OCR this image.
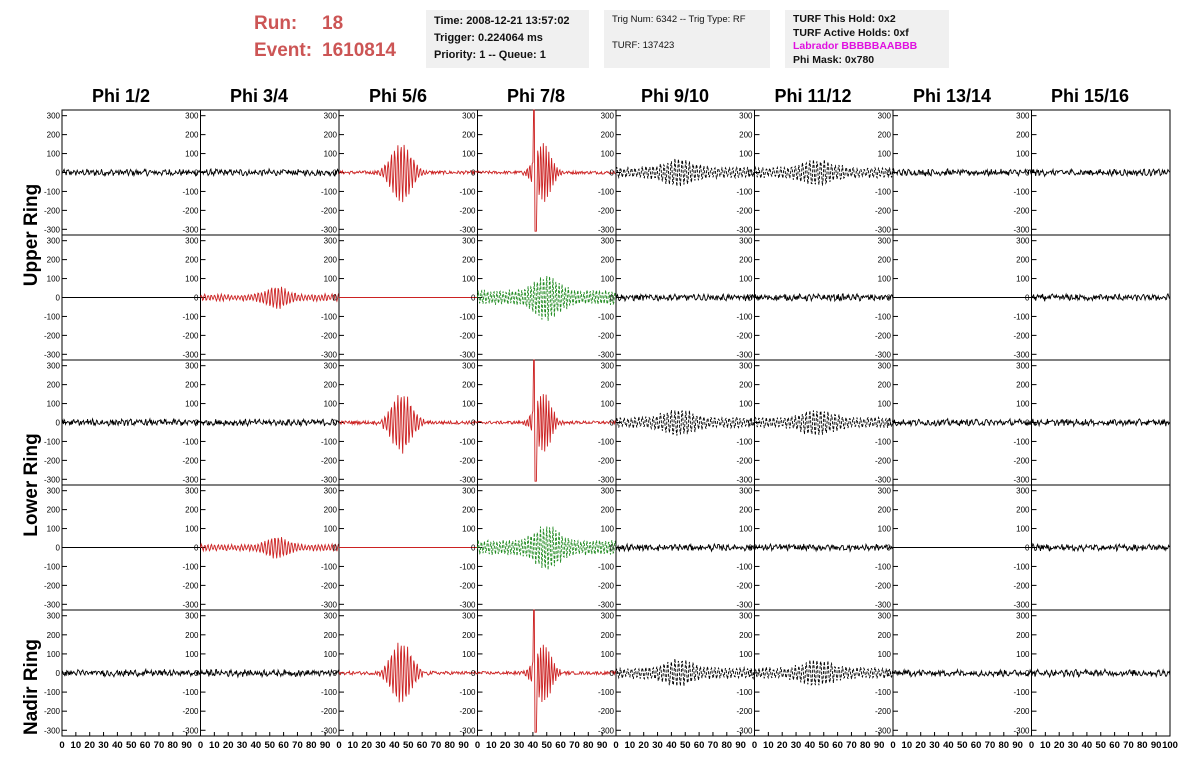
Run: 18
Event: 1610814
Time: 2008-12-21 13:57:02
Trigger: 0.224064 ms
Priority: 1 -- Queue: 1
Trig Num: 6342 -- Trig Type: RF
TURF: 137423
TURF This Hold: 0x2
TURF Active Holds: 0xf
Labrador BBBBBAABBB
Phi Mask: 0x780
Phi 1/2	Phi 3/4	Phi 5/6	Phi 7/8	Phi 9/10	Phi 11/12	Phi 13/14	Phi 15/16
Upper Ring
Lower Ring
Nadir Ring
-300
-200
-100
0
100
200
300
-300
-200
-100
0
100
200
300
-300
-200
-100
0
100
200
300
-300
-200
-100
0
100
200
300
-300
-200
-100
0
100
200
300
-300
-200
-100
0
100
200
300
-300
-200
-100
0
100
200
300
-300
-200
-100
0
100
200
300
-300
-200
-100
0
100
200
300
-300
-200
-100
0
100
200
300
-300
-200
-100
0
100
200
300
-300
-200
-100
0
100
200
300
-300
-200
-100
0
100
200
300
-300
-200
-100
0
100
200
300
-300
-200
-100
0
100
200
300
-300
-200
-100
0
100
200
300
-300
-200
-100
0
100
200
300
-300
-200
-100
0
100
200
300
-300
-200
-100
0
100
200
300
-300
-200
-100
0
100
200
300
-300
-200
-100
0
100
200
300
-300
-200
-100
0
100
200
300
-300
-200
-100
0
100
200
300
-300
-200
-100
0
100
200
300
-300
-200
-100
0
100
200
300
-300
-200
-100
0
100
200
300
-300
-200
-100
0
100
200
300
-300
-200
-100
0
100
200
300
-300
-200
-100
0
100
200
300
-300
-200
-100
0
100
200
300
-300
-200
-100
0
100
200
300
-300
-200
-100
0
100
200
300
-300
-200
-100
0
100
200
300
-300
-200
-100
0
100
200
300
-300
-200
-100
0
100
200
300
-300
-200
-100
0
100
200
300
-300
-200
-100
0
100
200
300
-300
-200
-100
0
100
200
300
-300
-200
-100
0
100
200
300
-300
-200
-100
0
100
200
300
0 10 20 30 40 50 60 70 80 90 0 10 20 30 40 50 60 70 80 90 0 10 20 30 40 50 60 70 80 90 0 10 20 30 40 50 60 70 80 90 0 10 20 30 40 50 60 70 80 90 0 10 20 30 40 50 60 70 80 90 0 10 20 30 40 50 60 70 80 90 0 10 20 30 40 50 60 70 80 90 100
